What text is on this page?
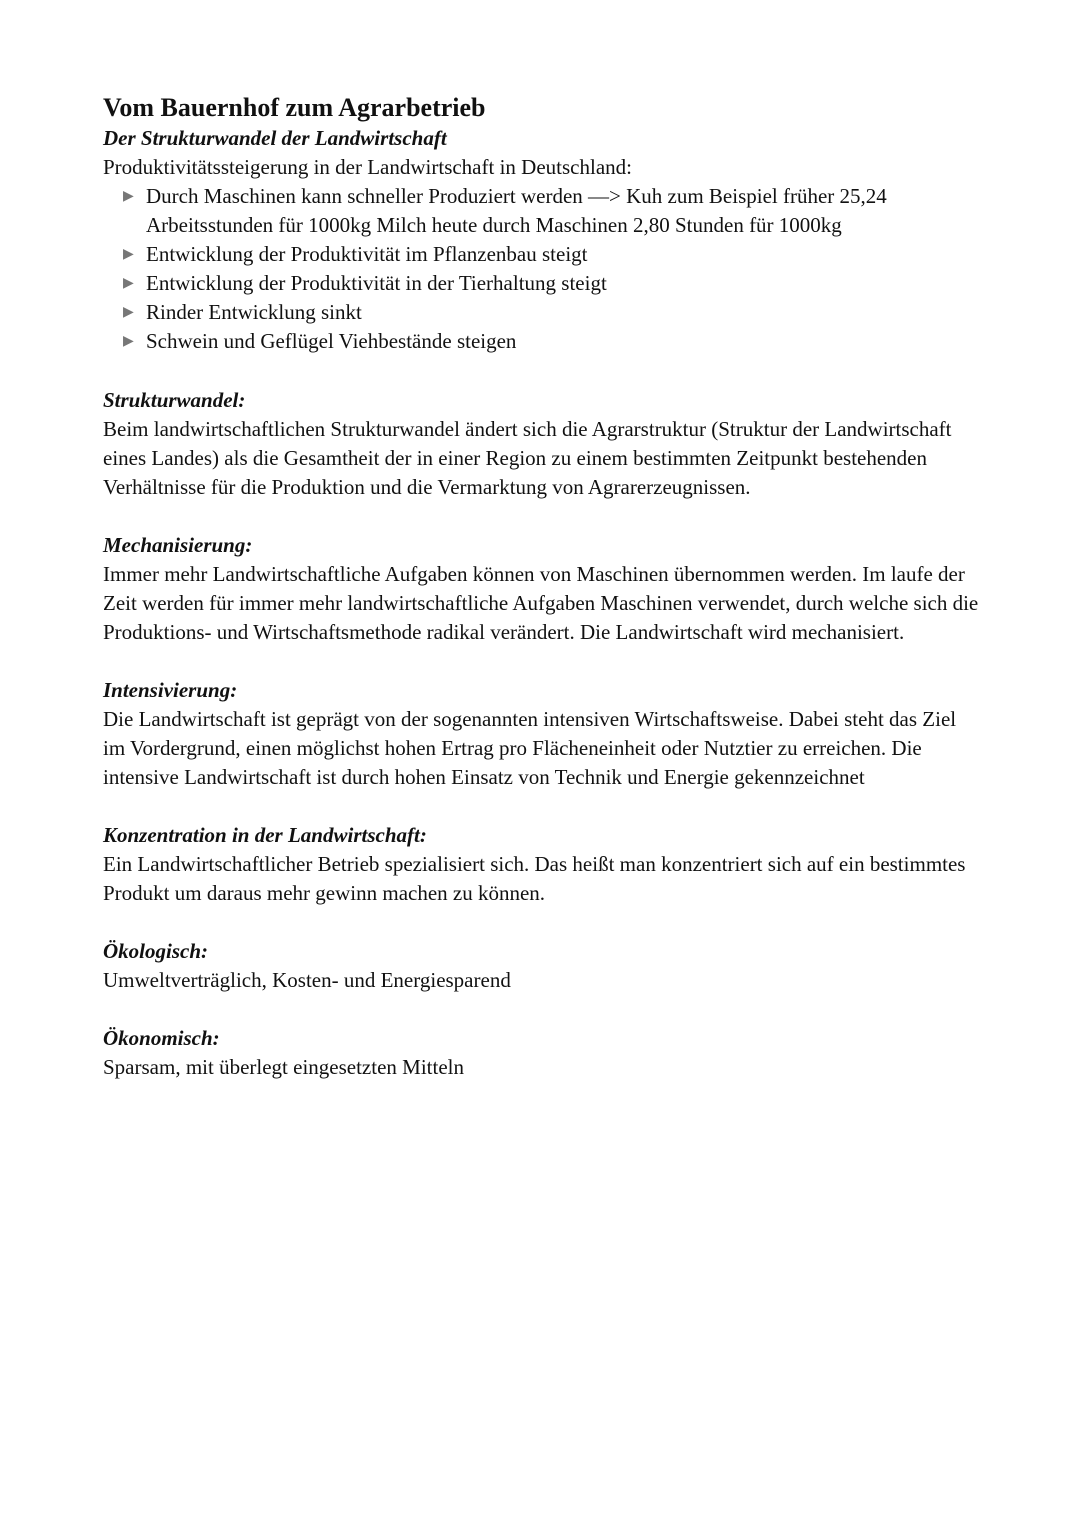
Vom Bauernhof zum Agrarbetrieb
Der Strukturwandel der Landwirtschaft

Produktivitätssteigerung in der Landwirtschaft in Deutschland:

▶ Durch Maschinen kann schneller Produziert werden —> Kuh zum Beispiel früher 25,24 Arbeitsstunden für 1000kg Milch heute durch Maschinen 2,80 Stunden für 1000kg
▶ Entwicklung der Produktivität im Pflanzenbau steigt
▶ Entwicklung der Produktivität in der Tierhaltung steigt
▶ Rinder Entwicklung sinkt
▶ Schwein und Geflügel Viehbestände steigen

Strukturwandel:

Beim landwirtschaftlichen Strukturwandel ändert sich die Agrarstruktur (Struktur der Landwirtschaft eines Landes) als die Gesamtheit der in einer Region zu einem bestimmten Zeitpunkt bestehenden Verhältnisse für die Produktion und die Vermarktung von Agrarerzeugnissen.

Mechanisierung:

Immer mehr Landwirtschaftliche Aufgaben können von Maschinen übernommen werden. Im laufe der Zeit werden für immer mehr landwirtschaftliche Aufgaben Maschinen verwendet, durch welche sich die Produktions- und Wirtschaftsmethode radikal verändert. Die Landwirtschaft wird mechanisiert.

Intensivierung:

Die Landwirtschaft ist geprägt von der sogenannten intensiven Wirtschaftsweise. Dabei steht das Ziel im Vordergrund, einen möglichst hohen Ertrag pro Flächeneinheit oder Nutztier zu erreichen. Die intensive Landwirtschaft ist durch hohen Einsatz von Technik und Energie gekennzeichnet

Konzentration in der Landwirtschaft:

Ein Landwirtschaftlicher Betrieb spezialisiert sich. Das heißt man konzentriert sich auf ein bestimmtes Produkt um daraus mehr gewinn machen zu können.

Ökologisch:

Umweltverträglich, Kosten- und Energiesparend

Ökonomisch:

Sparsam, mit überlegt eingesetzten Mitteln
